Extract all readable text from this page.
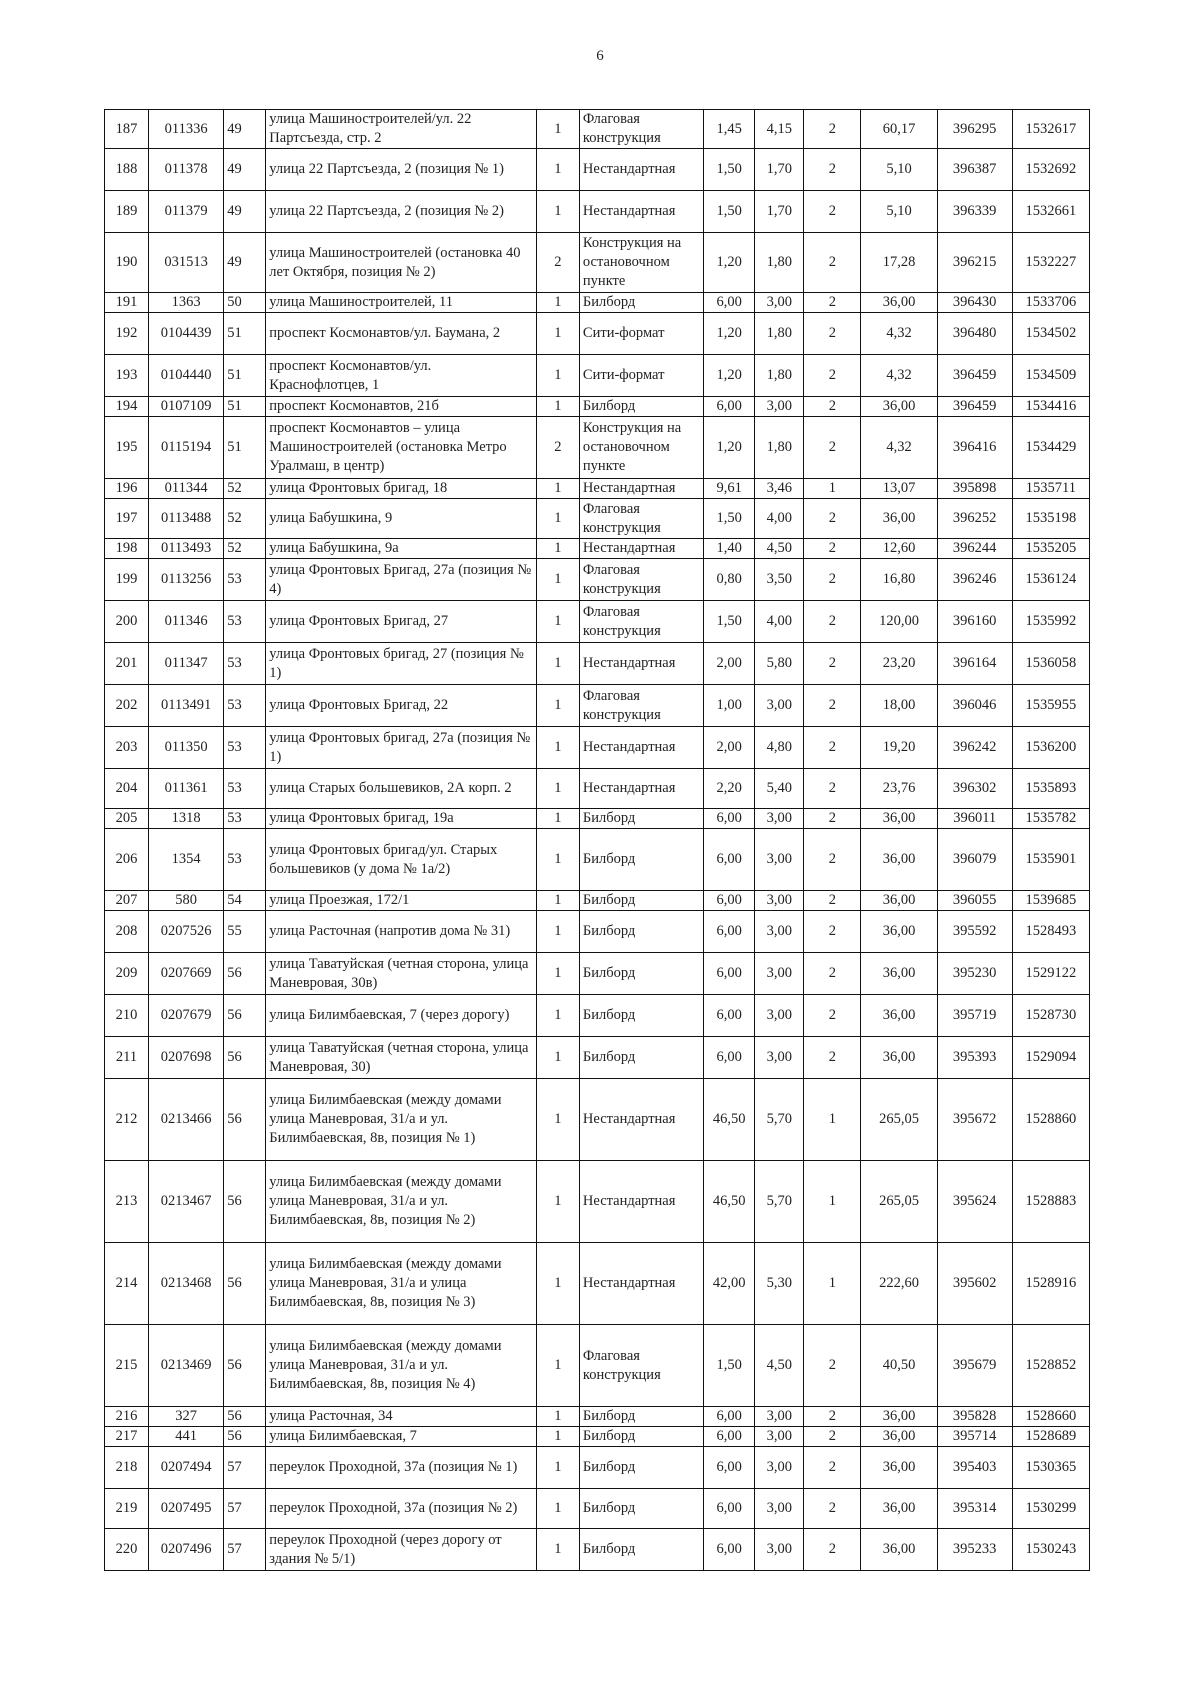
6
187	011336	49	улица Машиностроителей/ул. 22 Партсъезда, стр. 2	1	Флаговая конструкция	1,45	4,15	2	60,17	396295	1532617
188	011378	49	улица 22 Партсъезда, 2 (позиция № 1)	1	Нестандартная	1,50	1,70	2	5,10	396387	1532692
189	011379	49	улица 22 Партсъезда, 2 (позиция № 2)	1	Нестандартная	1,50	1,70	2	5,10	396339	1532661
190	031513	49	улица Машиностроителей (остановка 40 лет Октября, позиция № 2)	2	Конструкция на остановочном пункте	1,20	1,80	2	17,28	396215	1532227
191	1363	50	улица Машиностроителей, 11	1	Билборд	6,00	3,00	2	36,00	396430	1533706
192	0104439	51	проспект Космонавтов/ул. Баумана, 2	1	Сити-формат	1,20	1,80	2	4,32	396480	1534502
193	0104440	51	проспект Космонавтов/ул. Краснофлотцев, 1	1	Сити-формат	1,20	1,80	2	4,32	396459	1534509
194	0107109	51	проспект Космонавтов, 21б	1	Билборд	6,00	3,00	2	36,00	396459	1534416
195	0115194	51	проспект Космонавтов – улица Машиностроителей (остановка Метро Уралмаш, в центр)	2	Конструкция на остановочном пункте	1,20	1,80	2	4,32	396416	1534429
196	011344	52	улица Фронтовых бригад, 18	1	Нестандартная	9,61	3,46	1	13,07	395898	1535711
197	0113488	52	улица Бабушкина, 9	1	Флаговая конструкция	1,50	4,00	2	36,00	396252	1535198
198	0113493	52	улица Бабушкина, 9а	1	Нестандартная	1,40	4,50	2	12,60	396244	1535205
199	0113256	53	улица Фронтовых Бригад, 27а (позиция № 4)	1	Флаговая конструкция	0,80	3,50	2	16,80	396246	1536124
200	011346	53	улица Фронтовых Бригад, 27	1	Флаговая конструкция	1,50	4,00	2	120,00	396160	1535992
201	011347	53	улица Фронтовых бригад, 27 (позиция № 1)	1	Нестандартная	2,00	5,80	2	23,20	396164	1536058
202	0113491	53	улица Фронтовых Бригад, 22	1	Флаговая конструкция	1,00	3,00	2	18,00	396046	1535955
203	011350	53	улица Фронтовых бригад, 27а (позиция № 1)	1	Нестандартная	2,00	4,80	2	19,20	396242	1536200
204	011361	53	улица Старых большевиков, 2А корп. 2	1	Нестандартная	2,20	5,40	2	23,76	396302	1535893
205	1318	53	улица Фронтовых бригад, 19а	1	Билборд	6,00	3,00	2	36,00	396011	1535782
206	1354	53	улица Фронтовых бригад/ул. Старых большевиков (у дома № 1а/2)	1	Билборд	6,00	3,00	2	36,00	396079	1535901
207	580	54	улица Проезжая, 172/1	1	Билборд	6,00	3,00	2	36,00	396055	1539685
208	0207526	55	улица Расточная (напротив дома № 31)	1	Билборд	6,00	3,00	2	36,00	395592	1528493
209	0207669	56	улица Таватуйская (четная сторона, улица Маневровая, 30в)	1	Билборд	6,00	3,00	2	36,00	395230	1529122
210	0207679	56	улица Билимбаевская, 7 (через дорогу)	1	Билборд	6,00	3,00	2	36,00	395719	1528730
211	0207698	56	улица Таватуйская (четная сторона, улица Маневровая, 30)	1	Билборд	6,00	3,00	2	36,00	395393	1529094
212	0213466	56	улица Билимбаевская (между домами улица Маневровая, 31/а и ул. Билимбаевская, 8в, позиция № 1)	1	Нестандартная	46,50	5,70	1	265,05	395672	1528860
213	0213467	56	улица Билимбаевская (между домами улица Маневровая, 31/а и ул. Билимбаевская, 8в, позиция № 2)	1	Нестандартная	46,50	5,70	1	265,05	395624	1528883
214	0213468	56	улица Билимбаевская (между домами улица Маневровая, 31/а и улица Билимбаевская, 8в, позиция № 3)	1	Нестандартная	42,00	5,30	1	222,60	395602	1528916
215	0213469	56	улица Билимбаевская (между домами улица Маневровая, 31/а и ул. Билимбаевская, 8в, позиция № 4)	1	Флаговая конструкция	1,50	4,50	2	40,50	395679	1528852
216	327	56	улица Расточная, 34	1	Билборд	6,00	3,00	2	36,00	395828	1528660
217	441	56	улица Билимбаевская, 7	1	Билборд	6,00	3,00	2	36,00	395714	1528689
218	0207494	57	переулок Проходной, 37а (позиция № 1)	1	Билборд	6,00	3,00	2	36,00	395403	1530365
219	0207495	57	переулок Проходной, 37а (позиция № 2)	1	Билборд	6,00	3,00	2	36,00	395314	1530299
220	0207496	57	переулок Проходной (через дорогу от здания № 5/1)	1	Билборд	6,00	3,00	2	36,00	395233	1530243
